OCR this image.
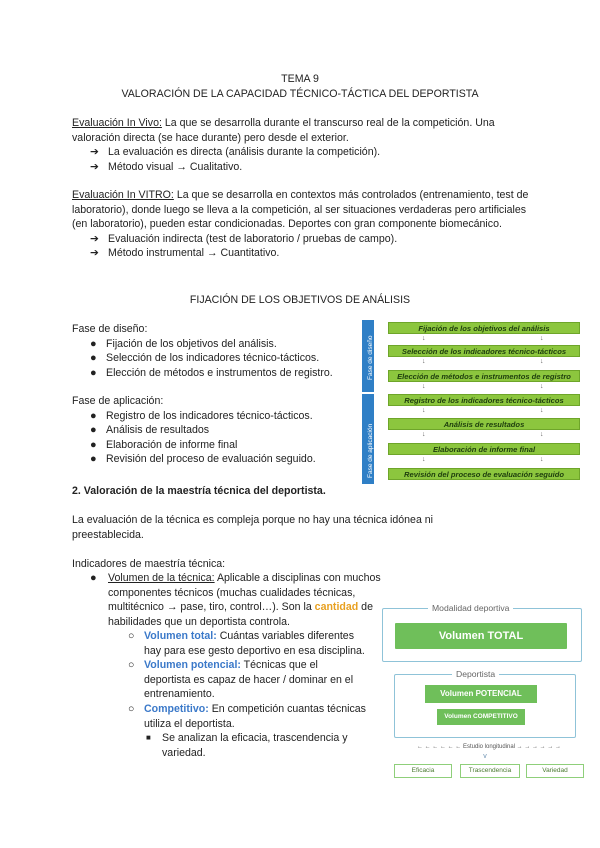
TEMA 9
VALORACIÓN DE LA CAPACIDAD TÉCNICO-TÁCTICA DEL DEPORTISTA

Evaluación In Vivo: La que se desarrolla durante el transcurso real de la competición. Una valoración directa (se hace durante) pero desde el exterior.

➔ La evaluación es directa (análisis durante la competición).
➔ Método visual → Cualitativo.

Evaluación In VITRO: La que se desarrolla en contextos más controlados (entrenamiento, test de laboratorio), donde luego se lleva a la competición, al ser situaciones verdaderas pero artificiales (en laboratorio), pueden estar condicionadas. Deportes con gran componente biomecánico.

➔ Evaluación indirecta (test de laboratorio / pruebas de campo).
➔ Método instrumental → Cuantitativo.
FIJACIÓN DE LOS OBJETIVOS DE ANÁLISIS
Fase de diseño:
● Fijación de los objetivos del análisis.
● Selección de los indicadores técnico-tácticos.
● Elección de métodos e instrumentos de registro.
Fase de aplicación:
● Registro de los indicadores técnico-tácticos.
● Análisis de resultados
● Elaboración de informe final
● Revisión del proceso de evaluación seguido.
Fase de diseño
Fase de aplicación
Fijación de los objetivos del análisis
↓	↓
Selección de los indicadores técnico-tácticos
↓	↓
Elección de métodos e instrumentos de registro
↓	↓
Registro de los indicadores técnico-tácticos
↓	↓
Análisis de resultados
↓	↓
Elaboración de informe final
↓	↓
Revisión del proceso de evaluación seguido
2. Valoración de la maestría técnica del deportista.
La evaluación de la técnica es compleja porque no hay una técnica idónea ni preestablecida.
Indicadores de maestría técnica:
● Volumen de la técnica: Aplicable a disciplinas con muchos componentes técnicos (muchas cualidades técnicas, multitécnico → pase, tiro, control…). Son la cantidad de habilidades que un deportista controla.

○ Volumen total: Cuántas variables diferentes hay para ese gesto deportivo en esa disciplina.
○ Volumen potencial: Técnicas que el deportista es capaz de hacer / dominar en el entrenamiento.
○ Competitivo: En competición cuantas técnicas utiliza el deportista.
■ Se analizan la eficacia, trascendencia y variedad.
Volumen TOTAL
Modalidad deportiva
Volumen POTENCIAL
Volumen COMPETITIVO
Deportista
← ← ← ← ← ← Estudio longitudinal → → → → → →
v
Eficacia	Trascendencia	Variedad
